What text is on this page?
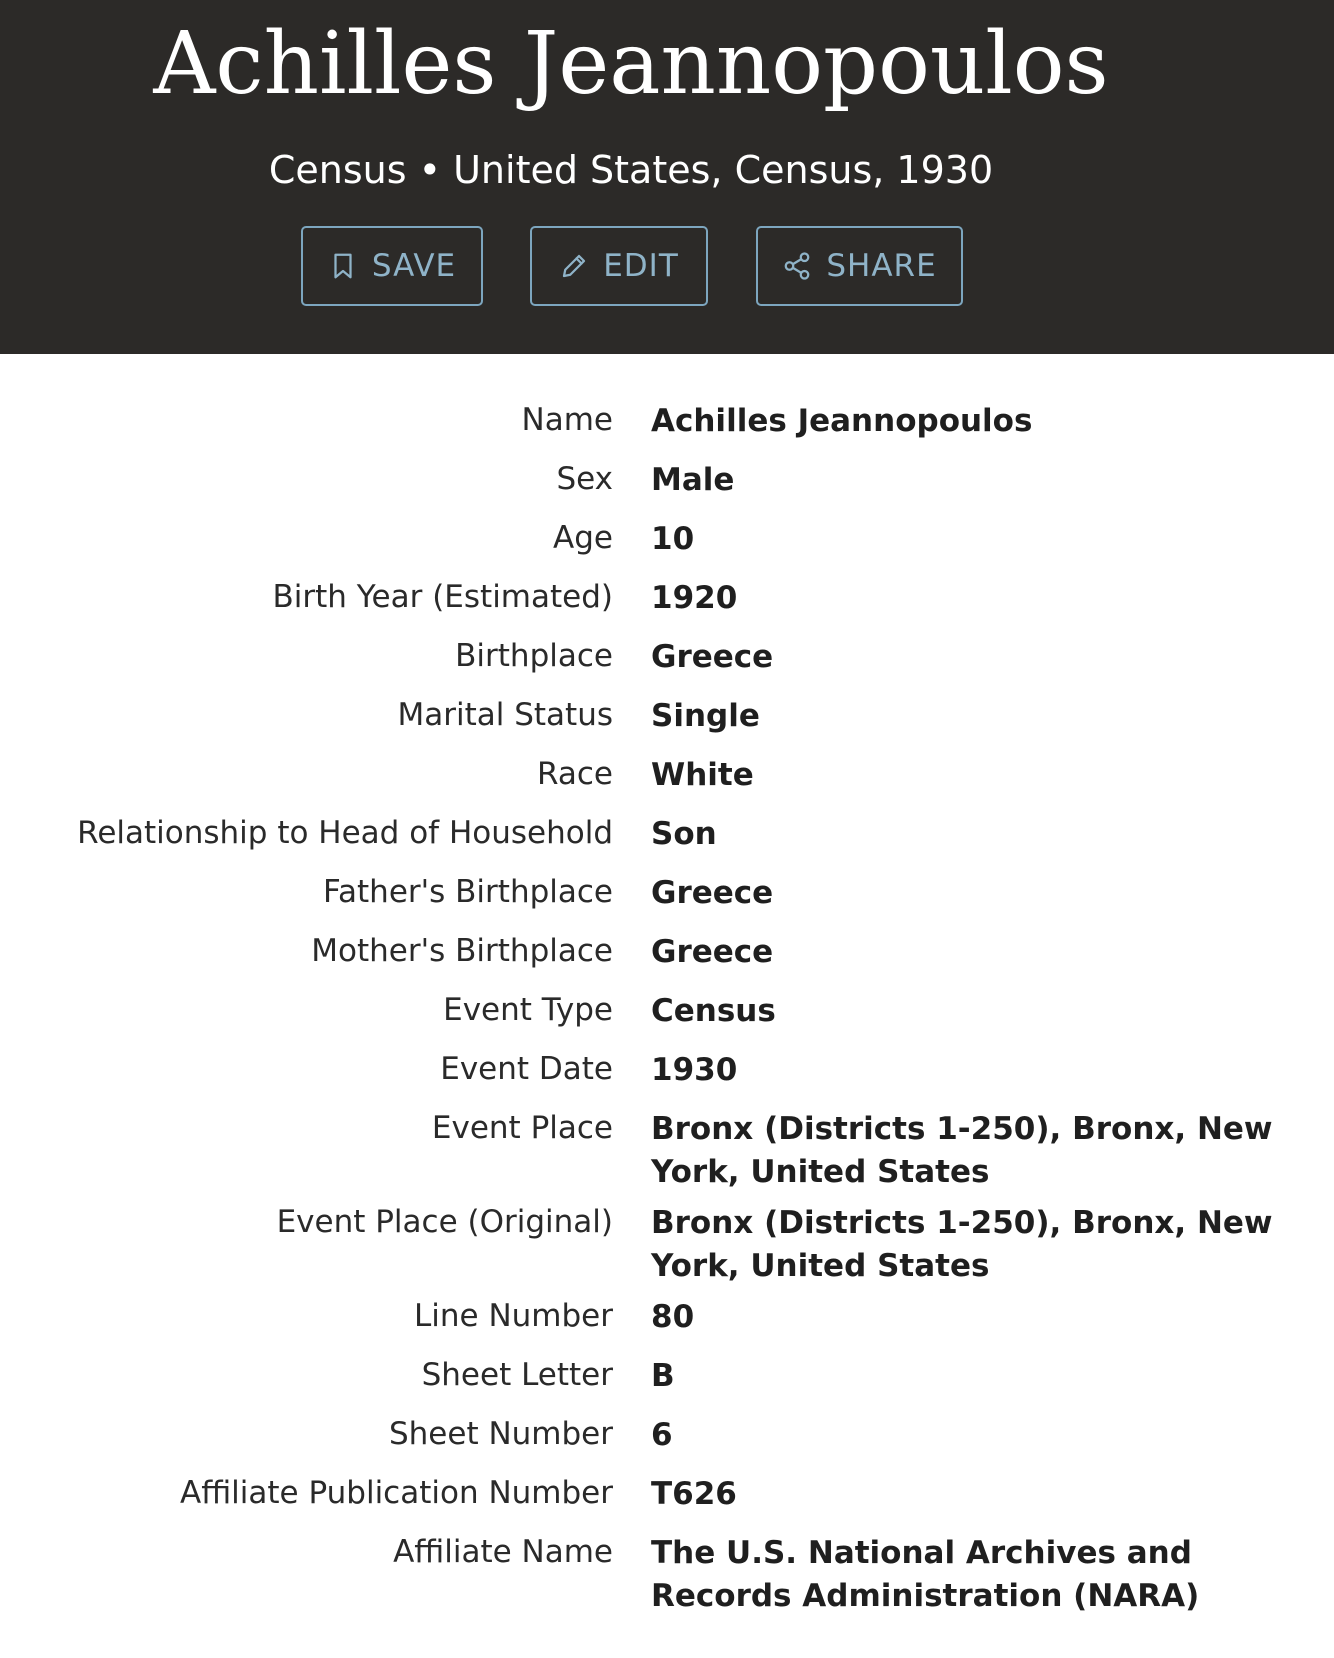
Achilles Jeannopoulos
Census • United States, Census, 1930
SAVE	EDIT	SHARE
Name Achilles Jeannopoulos
Sex Male
Age 10
Birth Year (Estimated) 1920
Birthplace Greece
Marital Status Single
Race White
Relationship to Head of Household Son
Father's Birthplace Greece
Mother's Birthplace Greece
Event Type Census
Event Date 1930
Event Place Bronx (Districts 1-250), Bronx, New York, United States
Event Place (Original) Bronx (Districts 1-250), Bronx, New York, United States
Line Number 80
Sheet Letter B
Sheet Number 6
Affiliate Publication Number T626
Affiliate Name The U.S. National Archives and Records Administration (NARA)
